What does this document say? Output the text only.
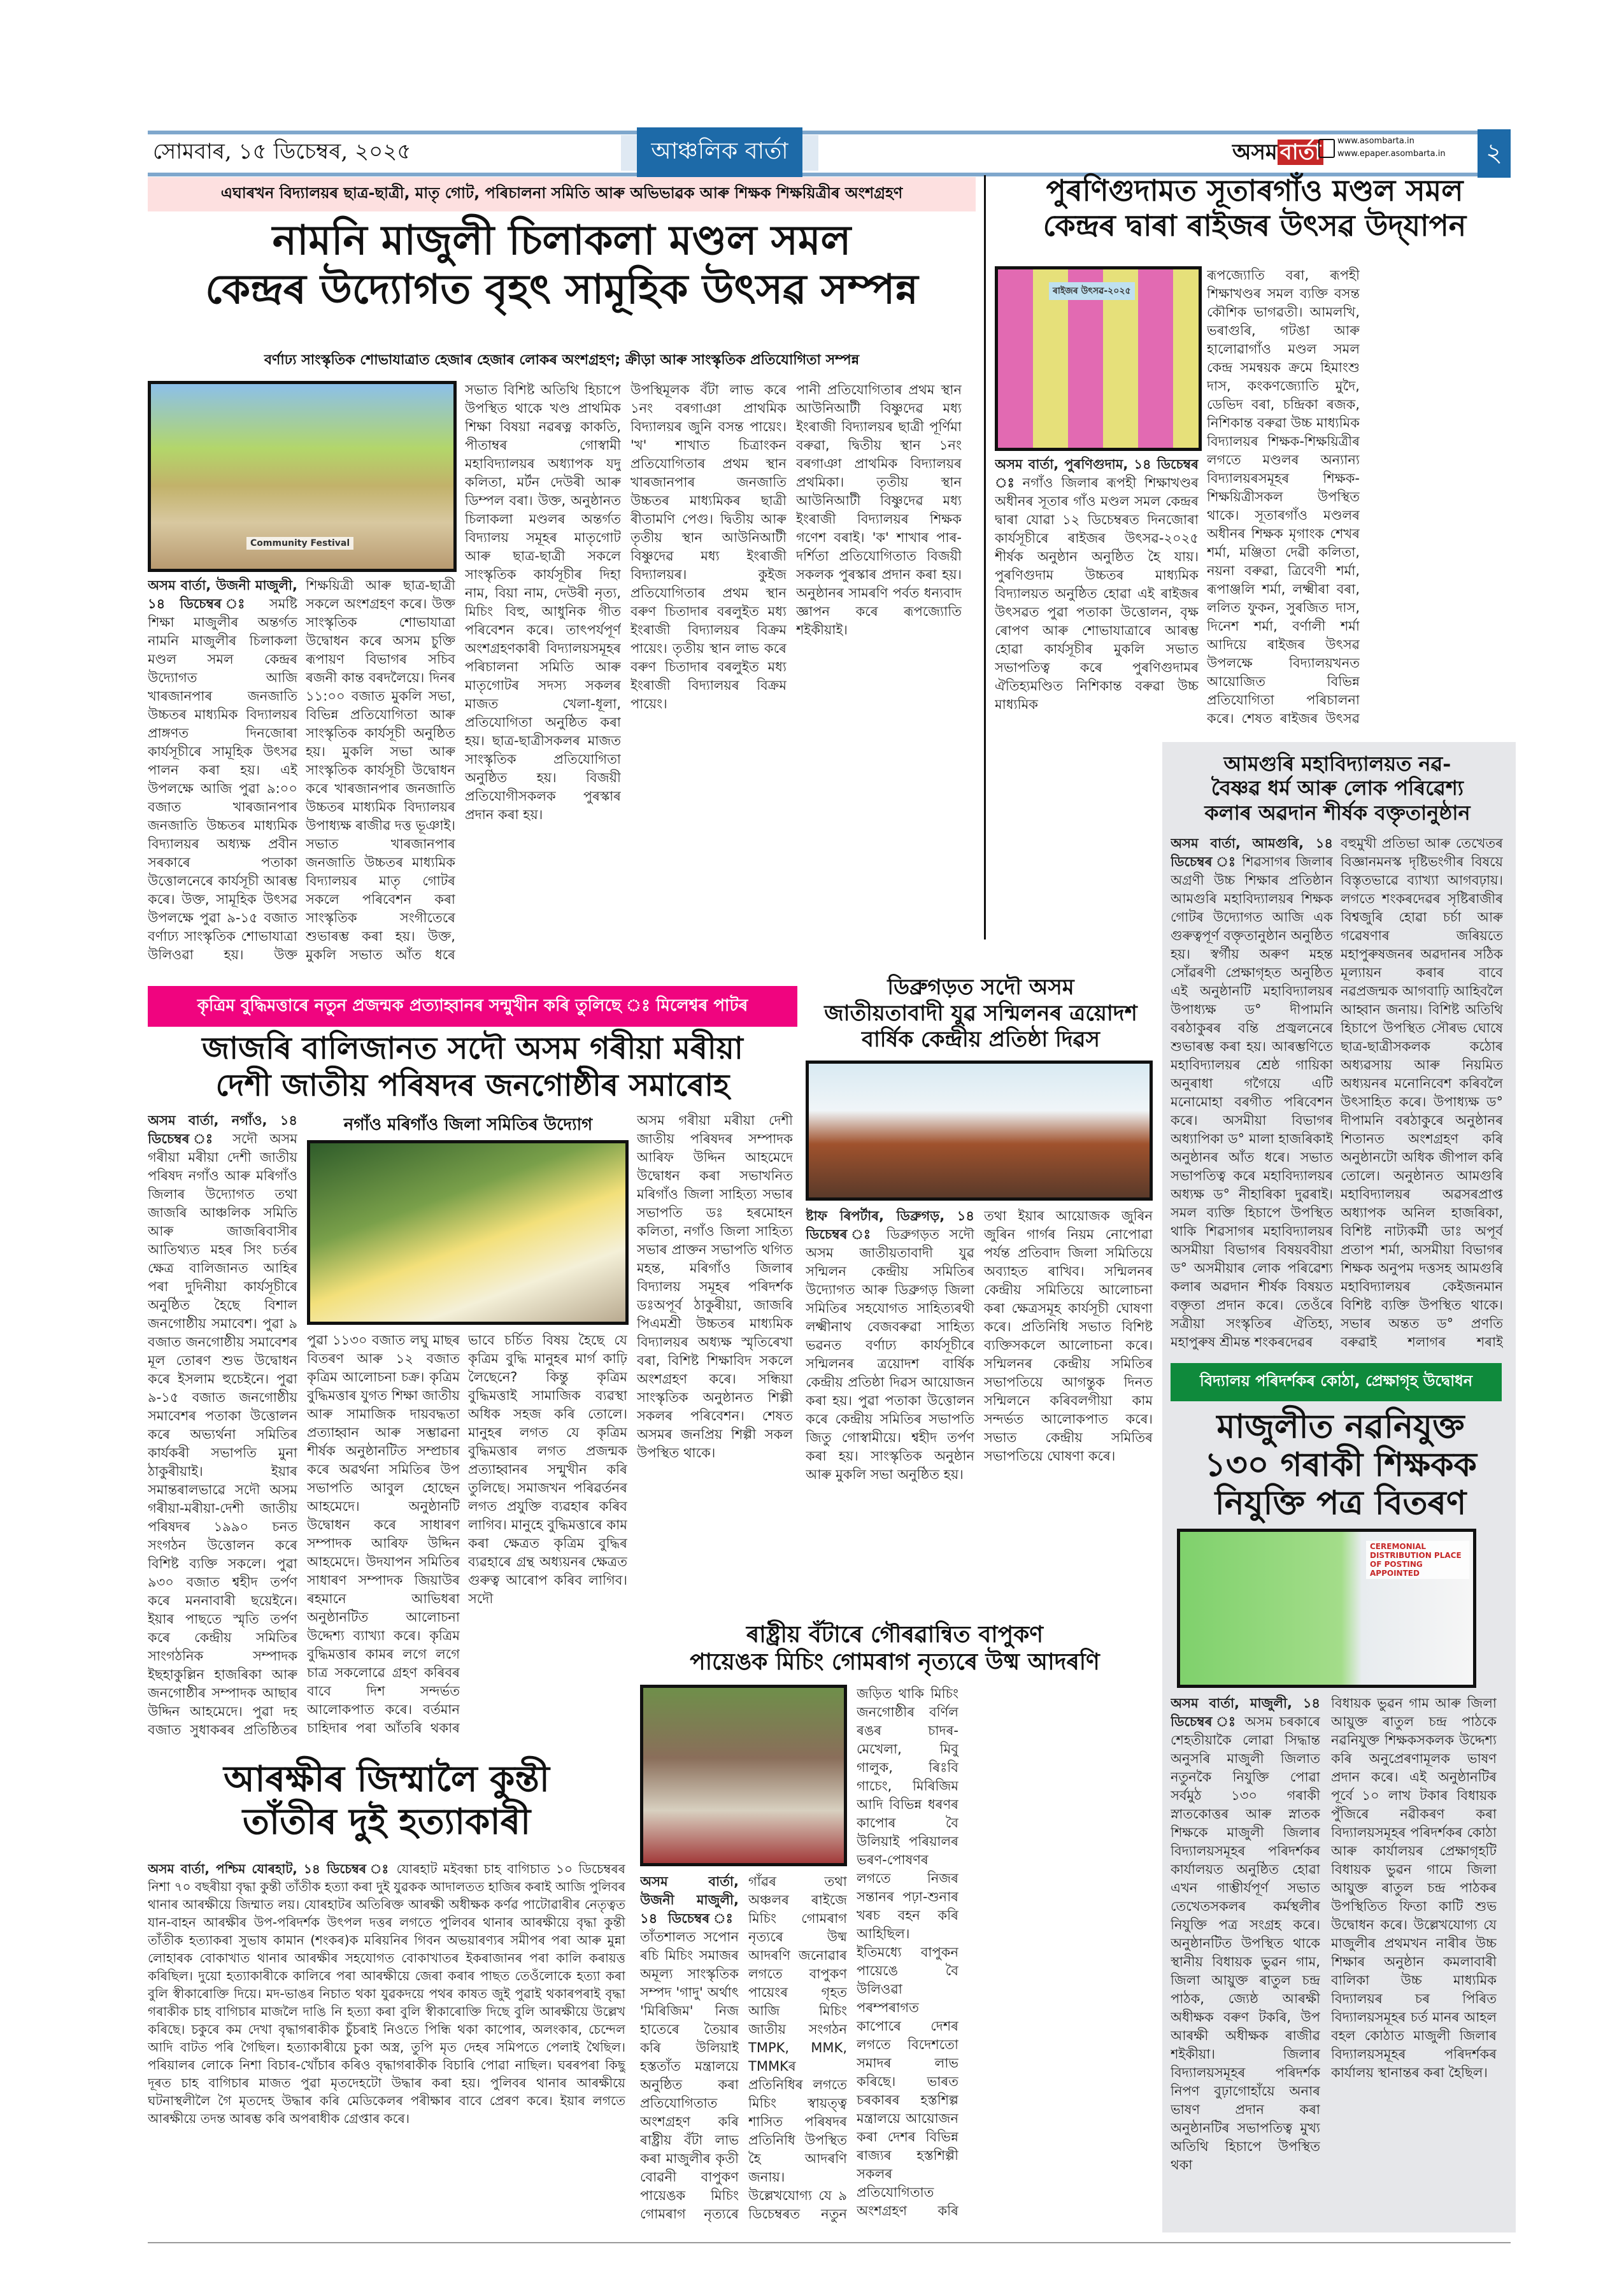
সোমবাৰ, ১৫ ডিচেম্বৰ, ২০২৫	আঞ্চলিক বাৰ্তা	অসম বাৰ্তা	www.asombarta.in
www.epaper.asombarta.in	২
এঘাৰখন বিদ্যালয়ৰ ছাত্ৰ-ছাত্ৰী, মাতৃ গোট, পৰিচালনা সমিতি আৰু অভিভাৱক আৰু শিক্ষক শিক্ষয়িত্ৰীৰ অংশগ্ৰহণ
নামনি মাজুলী চিলাকলা মণ্ডল সমল
কেন্দ্ৰৰ উদ্যোগত বৃহৎ সামূহিক উৎসৱ সম্পন্ন
বৰ্ণাঢ্য সাংস্কৃতিক শোভাযাত্ৰাত হেজাৰ হেজাৰ লোকৰ অংশগ্ৰহণ; ক্ৰীড়া আৰু সাংস্কৃতিক প্ৰতিযোগিতা সম্পন্ন
Community Festival
অসম বাৰ্তা, উজনী মাজুলী, ১৪ ডিচেম্বৰ ঃ সমষ্টি শিক্ষা মাজুলীৰ অন্তৰ্গত নামনি মাজুলীৰ চিলাকলা মণ্ডল সমল কেন্দ্ৰৰ উদ্যোগত আজি খাৰজানপাৰ জনজাতি উচ্চতৰ মাধ্যমিক বিদ্যালয়ৰ প্ৰাঙ্গণত দিনজোৰা কাৰ্যসূচীৰে সামূহিক উৎসৱ পালন কৰা হয়। এই উপলক্ষে আজি পুৱা ৯:০০ বজাত খাৰজানপাৰ জনজাতি উচ্চতৰ মাধ্যমিক বিদ্যালয়ৰ অধ্যক্ষ প্ৰবীন সৰকাৰে পতাকা উত্তোলনেৰে কাৰ্যসূচী আৰম্ভ কৰে। উক্ত, সামূহিক উৎসৱ উপলক্ষে পুৱা ৯-১৫ বজাত বৰ্ণাঢ্য সাংস্কৃতিক শোভাযাত্ৰা উলিওৱা হয়। উক্ত
শিক্ষয়িত্ৰী আৰু ছাত্ৰ-ছাত্ৰী সকলে অংশগ্ৰহণ কৰে। উক্ত সাংস্কৃতিক শোভাযাত্ৰা উদ্বোধন কৰে অসম চুক্তি ৰূপায়ণ বিভাগৰ সচিব ৰজনী কান্ত বৰদলৈয়ে। দিনৰ ১১:০০ বজাত মুকলি সভা, বিভিন্ন প্ৰতিযোগিতা আৰু সাংস্কৃতিক কাৰ্যসূচী অনুষ্ঠিত হয়। মুকলি সভা আৰু সাংস্কৃতিক কাৰ্যসূচী উদ্বোধন কৰে খাৰজানপাৰ জনজাতি উচ্চতৰ মাধ্যমিক বিদ্যালয়ৰ উপাধ্যক্ষ ৰাজীৱ দত্ত ভূঞাই। সভাত খাৰজানপাৰ জনজাতি উচ্চতৰ মাধ্যমিক বিদ্যালয়ৰ মাতৃ গোটৰ সকলে পৰিবেশন কৰা সাংস্কৃতিক সংগীতেৰে শুভাৰম্ভ কৰা হয়। উক্ত, মুকলি সভাত আঁত ধৰে
সভাত বিশিষ্ট অতিথি হিচাপে উপস্থিত থাকে খণ্ড প্ৰাথমিক শিক্ষা বিষয়া নৱৰত্ন কাকতি, পীতাম্বৰ গোস্বামী মহাবিদ্যালয়ৰ অধ্যাপক যদু কলিতা, মৰ্টন দেউৰী আৰু ডিম্পল বৰা। উক্ত, অনুষ্ঠানত চিলাকলা মণ্ডলৰ অন্তৰ্গত বিদ্যালয় সমূহৰ মাতৃগোট আৰু ছাত্ৰ-ছাত্ৰী সকলে সাংস্কৃতিক কাৰ্যসূচীৰ দিহা নাম, বিয়া নাম, দেউৰী নৃত্য, মিচিং বিহু, আধুনিক গীত পৰিবেশন কৰে। তাৎপৰ্যপূৰ্ণ অংশগ্ৰহণকাৰী বিদ্যালয়সমূহৰ পৰিচালনা সমিতি আৰু মাতৃগোটৰ সদস্য সকলৰ মাজত খেলা-ধূলা, প্ৰতিযোগিতা অনুষ্ঠিত কৰা হয়। ছাত্ৰ-ছাত্ৰীসকলৰ মাজত সাংস্কৃতিক প্ৰতিযোগিতা অনুষ্ঠিত হয়। বিজয়ী প্ৰতিযোগীসকলক পুৰস্কাৰ প্ৰদান কৰা হয়।
উপস্থিমূলক বঁটা লাভ কৰে ১নং বৰগাঞা প্ৰাথমিক বিদ্যালয়ৰ জুনি বসন্ত পায়েং। 'খ' শাখাত চিত্ৰাংকন প্ৰতিযোগিতাৰ প্ৰথম স্থান খাৰজানপাৰ জনজাতি উচ্চতৰ মাধ্যমিকৰ ছাত্ৰী ৰীতামণি পেগু। দ্বিতীয় আৰু তৃতীয় স্থান আউনিআটী বিষ্ণুদেৱ মধ্য ইংৰাজী বিদ্যালয়ৰ। কুইজ প্ৰতিযোগিতাৰ প্ৰথম স্থান বৰুণ চিতাদাৰ বৰলুইত মধ্য ইংৰাজী বিদ্যালয়ৰ বিক্ৰম পায়েং। তৃতীয় স্থান লাভ কৰে বৰুণ চিতাদাৰ বৰলুইত মধ্য ইংৰাজী বিদ্যালয়ৰ বিক্ৰম পায়েং।
পানী প্ৰতিযোগিতাৰ প্ৰথম স্থান আউনিআটী বিষ্ণুদেৱ মধ্য ইংৰাজী বিদ্যালয়ৰ ছাত্ৰী পূৰ্ণিমা বৰুৱা, দ্বিতীয় স্থান ১নং বৰগাঞা প্ৰাথমিক বিদ্যালয়ৰ প্ৰথমিকা। তৃতীয় স্থান আউনিআটী বিষ্ণুদেৱ মধ্য ইংৰাজী বিদ্যালয়ৰ শিক্ষক গণেশ বৰাই। 'ক' শাখাৰ পাৰ-দৰ্শিতা প্ৰতিযোগিতাত বিজয়ী সকলক পুৰস্কাৰ প্ৰদান কৰা হয়। অনুষ্ঠানৰ সামৰণি পৰ্বত ধন্যবাদ জ্ঞাপন কৰে ৰূপজ্যোতি শইকীয়াই।
পুৰণিগুদামত সূতাৰগাঁও মণ্ডল সমল
কেন্দ্ৰৰ দ্বাৰা ৰাইজৰ উৎসৱ উদ্‌যাপন
ৰাইজৰ উৎসৱ-২০২৫
অসম বাৰ্তা, পুৰণিগুদাম, ১৪ ডিচেম্বৰ ঃ নগাঁও জিলাৰ ৰূপহী শিক্ষাখণ্ডৰ অধীনৰ সূতাৰ গাঁও মণ্ডল সমল কেন্দ্ৰৰ দ্বাৰা যোৱা ১২ ডিচেম্বৰত দিনজোৰা কাৰ্যসূচীৰে ৰাইজৰ উৎসৱ-২০২৫ শীৰ্ষক অনুষ্ঠান অনুষ্ঠিত হৈ যায়। পুৰণিগুদাম উচ্চতৰ মাধ্যমিক বিদ্যালয়ত অনুষ্ঠিত হোৱা এই ৰাইজৰ উৎসৱত পুৱা পতাকা উত্তোলন, বৃক্ষ ৰোপণ আৰু শোভাযাত্ৰাৰে আৰম্ভ হোৱা কাৰ্যসূচীৰ মুকলি সভাত সভাপতিত্ব কৰে পুৰণিগুদামৰ ঐতিহ্যমণ্ডিত নিশিকান্ত বৰুৱা উচ্চ মাধ্যমিক
ৰূপজ্যোতি বৰা, ৰূপহী শিক্ষাখণ্ডৰ সমল ব্যক্তি বসন্ত কৌশিক ভাগৱতী। আমলখি, ভৰাগুৰি, গটঙা আৰু হালোৱাগাঁও মণ্ডল সমল কেন্দ্ৰ সমন্বয়ক ক্ৰমে হিমাংশু দাস, কংকণজ্যোতি মুদৈ, ডেভিদ বৰা, চন্দ্ৰিকা ৰজক, নিশিকান্ত বৰুৱা উচ্চ মাধ্যমিক বিদ্যালয়ৰ শিক্ষক-শিক্ষয়িত্ৰীৰ লগতে মণ্ডলৰ অন্যান্য বিদ্যালয়ৰসমূহৰ শিক্ষক-শিক্ষয়িত্ৰীসকল উপস্থিত থাকে। সূতাৰগাঁও মণ্ডলৰ অধীনৰ শিক্ষক মৃগাংক শেখৰ শৰ্মা, মঞ্জিতা দেৱী কলিতা, নয়না বৰুৱা, ত্ৰিবেণী শৰ্মা, ৰূপাঞ্জলি শৰ্মা, লক্ষ্মীৰা বৰা, ললিত ফুকন, সুৰজিত দাস, দিনেশ শৰ্মা, বৰ্ণালী শৰ্মা আদিয়ে ৰাইজৰ উৎসৱ উপলক্ষে বিদ্যালয়খনত আয়োজিত বিভিন্ন প্ৰতিযোগিতা পৰিচালনা কৰে। শেষত ৰাইজৰ উৎসৱ
আমগুৰি মহাবিদ্যালয়ত নৱ-
বৈষ্ণৱ ধৰ্ম আৰু লোক পৰিৱেশ্য
কলাৰ অৱদান শীৰ্ষক বক্তৃতানুষ্ঠান
অসম বাৰ্তা, আমগুৰি, ১৪ ডিচেম্বৰ ঃ শিৱসাগৰ জিলাৰ অগ্ৰণী উচ্চ শিক্ষাৰ প্ৰতিষ্ঠান আমগুৰি মহাবিদ্যালয়ৰ শিক্ষক গোটৰ উদ্যোগত আজি এক গুৰুত্বপূৰ্ণ বক্তৃতানুষ্ঠান অনুষ্ঠিত হয়। স্বৰ্গীয় অৰুণ মহন্ত সোঁৱৰণী প্ৰেক্ষাগৃহত অনুষ্ঠিত এই অনুষ্ঠানটি মহাবিদ্যালয়ৰ উপাধ্যক্ষ ড° দীপামনি বৰঠাকুৰৰ বন্তি প্ৰজ্বলনেৰে শুভাৰম্ভ কৰা হয়। আৰম্ভণিতে মহাবিদ্যালয়ৰ শ্ৰেষ্ঠ গায়িকা অনুৰাধা গগৈয়ে এটি মনোমোহা বৰগীত পৰিবেশন কৰে। অসমীয়া বিভাগৰ অধ্যাপিকা ড° মালা হাজৰিকাই অনুষ্ঠানৰ আঁত ধৰে। সভাত সভাপতিত্ব কৰে মহাবিদ্যালয়ৰ অধ্যক্ষ ড° নীহাৰিকা দুৱৰাই। সমল ব্যক্তি হিচাপে উপস্থিত থাকি শিৱসাগৰ মহাবিদ্যালয়ৰ অসমীয়া বিভাগৰ বিষয়ববীয়া ড° অসমীয়াৰ লোক পৰিৱেশ্য কলাৰ অৱদান শীৰ্ষক বিষয়ত বক্তৃতা প্ৰদান কৰে। তেওঁৰে সত্ৰীয়া সংস্কৃতিৰ ঐতিহ্য, মহাপুৰুষ শ্ৰীমন্ত শংকৰদেৱৰ
বহুমুখী প্ৰতিভা আৰু তেখেতৰ বিজ্ঞানমনস্ক দৃষ্টিভংগীৰ বিষয়ে বিস্তৃতভাৱে ব্যাখ্যা আগবঢ়ায়। লগতে শংকৰদেৱৰ সৃষ্টিৰাজীৰ বিশ্বজুৰি হোৱা চৰ্চা আৰু গৱেষণাৰ জৰিয়তে মহাপুৰুষজনৰ অৱদানৰ সঠিক মূল্যায়ন কৰাৰ বাবে নৱপ্ৰজন্মক আগবাঢ়ি আহিবলৈ আহ্বান জনায়। বিশিষ্ট অতিথি হিচাপে উপস্থিত সৌৰভ ঘোষে ছাত্ৰ-ছাত্ৰীসকলক কঠোৰ অধ্যৱসায় আৰু নিয়মিত অধ্যয়নৰ মনোনিবেশ কৰিবলৈ উৎসাহিত কৰে। উপাধ্যক্ষ ড° দীপামনি বৰঠাকুৰে অনুষ্ঠানৰ শিতানত অংশগ্ৰহণ কৰি অনুষ্ঠানটো অধিক জীপাল কৰি তোলে। অনুষ্ঠানত আমগুৰি মহাবিদ্যালয়ৰ অৱসৰপ্ৰাপ্ত অধ্যাপক অনিল হাজৰিকা, বিশিষ্ট নাট্যকৰ্মী ডাঃ অপূৰ্ব প্ৰতাপ শৰ্মা, অসমীয়া বিভাগৰ শিক্ষক অনুপম দত্তসহ আমগুৰি মহাবিদ্যালয়ৰ কেইজনমান বিশিষ্ট ব্যক্তি উপস্থিত থাকে। সভাৰ অন্তত ড° প্ৰণতি বৰুৱাই শলাগৰ শৰাই
ডিব্ৰুগড়ত সদৌ অসম
জাতীয়তাবাদী যুৱ সন্মিলনৰ ত্ৰয়োদশ
বাৰ্ষিক কেন্দ্ৰীয় প্ৰতিষ্ঠা দিৱস
ষ্টাফ ৰিপৰ্টাৰ, ডিব্ৰুগড়, ১৪ ডিচেম্বৰ ঃ ডিব্ৰুগড়ত সদৌ অসম জাতীয়তাবাদী যুৱ সন্মিলন কেন্দ্ৰীয় সমিতিৰ উদ্যোগত আৰু ডিব্ৰুগড় জিলা সমিতিৰ সহযোগত সাহিত্যৰথী লক্ষ্মীনাথ বেজবৰুৱা সাহিত্য ভৱনত বৰ্ণাঢ্য কাৰ্যসূচীৰে সন্মিলনৰ ত্ৰয়োদশ বাৰ্ষিক কেন্দ্ৰীয় প্ৰতিষ্ঠা দিৱস আয়োজন কৰা হয়। পুৱা পতাকা উত্তোলন কৰে কেন্দ্ৰীয় সমিতিৰ সভাপতি জিতু গোস্বামীয়ে। শ্বহীদ তৰ্পণ কৰা হয়। সাংস্কৃতিক অনুষ্ঠান আৰু মুকলি সভা অনুষ্ঠিত হয়।
তথা ইয়াৰ আয়োজক জুৰিন জুৰিন গাৰ্গৰ নিয়ম নোপোৱা পৰ্যন্ত প্ৰতিবাদ জিলা সমিতিয়ে অব্যাহত ৰাখিব। সন্মিলনৰ কেন্দ্ৰীয় সমিতিয়ে আলোচনা কৰা ক্ষেত্ৰসমূহ কাৰ্যসূচী ঘোষণা কৰে। প্ৰতিনিধি সভাত বিশিষ্ট ব্যক্তিসকলে আলোচনা কৰে। সন্মিলনৰ কেন্দ্ৰীয় সমিতিৰ সভাপতিয়ে আগন্তুক দিনত সন্মিলনে কৰিবলগীয়া কাম সন্দৰ্ভত আলোকপাত কৰে। সভাত কেন্দ্ৰীয় সমিতিৰ সভাপতিয়ে ঘোষণা কৰে।
কৃত্ৰিম বুদ্ধিমত্তাৰে নতুন প্ৰজন্মক প্ৰত্যাহ্বানৰ সন্মুখীন কৰি তুলিছে ঃ মিলেশ্বৰ পাটৰ
জাজৰি বালিজানত সদৌ অসম গৰীয়া মৰীয়া
দেশী জাতীয় পৰিষদৰ জনগোষ্ঠীৰ সমাৰোহ
নগাঁও মৰিগাঁও জিলা সমিতিৰ উদ্যোগ
অসম বাৰ্তা, নগাঁও, ১৪ ডিচেম্বৰ ঃ সদৌ অসম গৰীয়া মৰীয়া দেশী জাতীয় পৰিষদ নগাঁও আৰু মৰিগাঁও জিলাৰ উদ্যোগত তথা জাজৰি আঞ্চলিক সমিতি আৰু জাজৰিবাসীৰ আতিথ্যত মহৰ সিং চৰ্তৰ ক্ষেত্ৰ বালিজানত আহিৰ পৰা দুদিনীয়া কাৰ্যসূচীৰে অনুষ্ঠিত হৈছে বিশাল জনগোষ্ঠীয় সমাবেশ। পুৱা ৯ বজাত জনগোষ্ঠীয় সমাবেশৰ মূল তোৰণ শুভ উদ্বোধন কৰে ইসলাম হুচেইনে। পুৱা ৯-১৫ বজাত জনগোষ্ঠীয় সমাবেশৰ পতাকা উত্তোলন কৰে অভ্যৰ্থনা সমিতিৰ কাৰ্যকৰী সভাপতি মুনা ঠাকুৰীয়াই। ইয়াৰ সমান্তৰালভাৱে সদৌ অসম গৰীয়া-মৰীয়া-দেশী জাতীয় পৰিষদৰ ১৯৯০ চনত সংগঠন উত্তোলন কৰে বিশিষ্ট ব্যক্তি সকলে। পুৱা ৯৩০ বজাত শ্বহীদ তৰ্পণ কৰে মননাবাৰী ছয়েইনে। ইয়াৰ পাছতে স্মৃতি তৰ্পণ কৰে কেন্দ্ৰীয় সমিতিৰ সাংগঠনিক সম্পাদক ইছহাকুল্লিন হাজৰিকা আৰু জনগোষ্ঠীৰ সম্পাদক আছাৰ উদ্দিন আহমেদে। পুৱা দহ বজাত সুধাকৰৰ প্ৰতিষ্ঠিতৰ
পুৱা ১১৩০ বজাত লঘু মাছৰ বিতৰণ আৰু ১২ বজাত কৃত্ৰিম আলোচনা চক্ৰ। কৃত্ৰিম বুদ্ধিমত্তাৰ যুগত শিক্ষা জাতীয় আৰু সামাজিক দায়বদ্ধতা প্ৰত্যাহ্বান আৰু সম্ভাৱনা শীৰ্ষক অনুষ্ঠানটিত সম্প্ৰচাৰ কৰে অৱৰ্থনা সমিতিৰ উপ সভাপতি আবুল হোছেন আহমেদে। অনুষ্ঠানটি উদ্বোধন কৰে সাধাৰণ সম্পাদক আৰিফ উদ্দিন আহমেদে। উদযাপন সমিতিৰ সাধাৰণ সম্পাদক জিয়াউৰ ৰহমানে আভিধৰা অনুষ্ঠানটিত আলোচনা উদ্দেশ্য ব্যাখ্যা কৰে। কৃত্ৰিম বুদ্ধিমত্তাৰ কামৰ লগে লগে চাত্ৰ সকলোৱে গ্ৰহণ কৰিবৰ বাবে দিশ সন্দৰ্ভত আলোকপাত কৰে। বৰ্তমান চাহিদাৰ পৰা আঁতৰি থকাৰ
ভাবে চৰ্চিত বিষয় হৈছে যে কৃত্ৰিম বুদ্ধি মানুহৰ মাৰ্গ কাঢ়ি লৈছেনে? কিন্তু কৃত্ৰিম বুদ্ধিমত্তাই সামাজিক ব্যৱস্থা অধিক সহজ কৰি তোলে। মানুহৰ লগত যে কৃত্ৰিম বুদ্ধিমত্তাৰ লগত প্ৰজন্মক প্ৰত্যাহ্বানৰ সন্মুখীন কৰি তুলিছে। সমাজখন পৰিৱৰ্তনৰ লগত প্ৰযুক্তি ব্যৱহাৰ কৰিব লাগিব। মানুহে বুদ্ধিমত্তাৰে কাম কৰা ক্ষেত্ৰত কৃত্ৰিম বুদ্ধিৰ ব্যৱহাৰে গ্ৰন্থ অধ্যয়নৰ ক্ষেত্ৰত গুৰুত্ব আৰোপ কৰিব লাগিব। সদৌ
অসম গৰীয়া মৰীয়া দেশী জাতীয় পৰিষদৰ সম্পাদক আৰিফ উদ্দিন আহমেদে উদ্বোধন কৰা সভাখনিত মৰিগাঁও জিলা সাহিত্য সভাৰ সভাপতি ডঃ হৰমোহন কলিতা, নগাঁও জিলা সাহিত্য সভাৰ প্ৰাক্তন সভাপতি থগিত মহন্ত, মৰিগাঁও জিলাৰ বিদ্যালয় সমূহৰ পৰিদৰ্শক ডঃঅপূৰ্ব ঠাকুৰীয়া, জাজৰি পিএমশ্ৰী উচ্চতৰ মাধ্যমিক বিদ্যালয়ৰ অধ্যক্ষ স্মৃতিৰেখা বৰা, বিশিষ্ট শিক্ষাবিদ সকলে অংশগ্ৰহণ কৰে। সন্ধিয়া সাংস্কৃতিক অনুষ্ঠানত শিল্পী সকলৰ পৰিবেশন। শেষত অসমৰ জনপ্ৰিয় শিল্পী সকল উপস্থিত থাকে।
বিদ্যালয় পৰিদৰ্শকৰ কোঠা, প্ৰেক্ষাগৃহ উদ্বোধন
মাজুলীত নৱনিযুক্ত
১৩০ গৰাকী শিক্ষকক
নিযুক্তি পত্ৰ বিতৰণ
CEREMONIAL DISTRIBUTION PLACE OF POSTING APPOINTED
অসম বাৰ্তা, মাজুলী, ১৪ ডিচেম্বৰ ঃ অসম চৰকাৰে শেহতীয়াকৈ লোৱা সিদ্ধান্ত অনুসৰি মাজুলী জিলাত নতুনকৈ নিযুক্তি পোৱা সৰ্বমুঠ ১৩০ গৰাকী স্নাতকোত্তৰ আৰু স্নাতক শিক্ষকে মাজুলী জিলাৰ বিদ্যালয়সমূহৰ পৰিদৰ্শকৰ কাৰ্যালয়ত অনুষ্ঠিত হোৱা এখন গাম্ভীৰ্যপূৰ্ণ সভাত তেখেতসকলৰ কৰ্মস্থলীৰ নিযুক্তি পত্ৰ সংগ্ৰহ কৰে। অনুষ্ঠানটিত উপস্থিত থাকে স্থানীয় বিধায়ক ভুৱন গাম, জিলা আয়ুক্ত ৰাতুল চন্দ্ৰ পাঠক, জ্যেষ্ঠ আৰক্ষী অধীক্ষক বৰুণ টকৰি, উপ আৰক্ষী অধীক্ষক ৰাজীৱ শইকীয়া। জিলাৰ বিদ্যালয়সমূহৰ পৰিদৰ্শক নিপণ বুঢ়াগোহাঁয়ে অনাৰ ভাষণ প্ৰদান কৰা অনুষ্ঠানটিৰ সভাপতিত্ব মুখ্য অতিথি হিচাপে উপস্থিত থকা
বিধায়ক ভুৱন গাম আৰু জিলা আয়ুক্ত ৰাতুল চন্দ্ৰ পাঠকে নৱনিযুক্ত শিক্ষকসকলক উদ্দেশ্য কৰি অনুপ্ৰেৰণামূলক ভাষণ প্ৰদান কৰে। এই অনুষ্ঠানটিৰ পূৰ্বে ১০ লাখ টকাৰ বিধায়ক পুঁজিৰে নৱীকৰণ কৰা বিদ্যালয়সমূহৰ পৰিদৰ্শকৰ কোঠা আৰু কাৰ্যালয়ৰ প্ৰেক্ষাগৃহটি বিধায়ক ভুৱন গামে জিলা আয়ুক্ত ৰাতুল চন্দ্ৰ পাঠকৰ উপস্থিতিত ফিতা কাটি শুভ উদ্বোধন কৰে। উল্লেখযোগ্য যে মাজুলীৰ প্ৰথমখন নাৰীৰ উচ্চ শিক্ষাৰ অনুষ্ঠান কমলাবাৰী বালিকা উচ্চ মাধ্যমিক বিদ্যালয়ৰ চৰ পিৰিত বিদ্যালয়সমূহৰ চৰ্ত মানৰ আহল বহল কোঠাত মাজুলী জিলাৰ বিদ্যালয়সমূহৰ পৰিদৰ্শকৰ কাৰ্যালয় স্থানান্তৰ কৰা হৈছিল।
ৰাষ্ট্ৰীয় বঁটাৰে গৌৰৱান্বিত বাপুকণ
পায়েঙক মিচিং গোমৰাগ নৃত্যৰে উষ্ম আদৰণি
অসম বাৰ্তা, উজনী মাজুলী, ১৪ ডিচেম্বৰ ঃ তাঁতশালত সপোন ৰচি মিচিং সমাজৰ অমূল্য সাংস্কৃতিক সম্পদ 'গাদু' অৰ্থাৎ 'মিৰিজিম' নিজ হাতেৰে তৈয়াৰ কৰি উলিয়াই হস্ততাঁত মন্ত্ৰালয়ে অনুষ্ঠিত কৰা প্ৰতিযোগিতাত অংশগ্ৰহণ কৰি ৰাষ্ট্ৰীয় বঁটা লাভ কৰা মাজুলীৰ কৃতী বোৱনী বাপুকণ পায়েঙক মিচিং গোমৰাগ নৃত্যৰে
গাঁৱৰ তথা অঞ্চলৰ ৰাইজে মিচিং গোমৰাগ নৃত্যৰে উষ্ম আদৰণি জনোৱাৰ লগতে বাপুকণ পায়েংৰ গৃহত আজি মিচিং জাতীয় সংগঠন TMPK, MMK, TMMKৰ প্ৰতিনিধিৰ লগতে মিচিং স্বায়ত্ত্ব শাসিত পৰিষদৰ প্ৰতিনিধি উপস্থিত হৈ আদৰণি জনায়। উল্লেখযোগ্য যে ৯ ডিচেম্বৰত নতুন
জড়িত থাকি মিচিং জনগোষ্ঠীৰ বৰ্ণিল ৰঙৰ চাদৰ-মেখেলা, মিবু গালুক, ৰিঃবি গাচেং, মিৰিজিম আদি বিভিন্ন ধৰণৰ কাপোৰ বৈ উলিয়াই পৰিয়ালৰ ভৰণ-পোষণৰ লগতে নিজৰ সন্তানৰ পঢ়া-শুনাৰ খৰচ বহন কৰি আহিছিল। ইতিমধ্যে বাপুকন পায়েঙে বৈ উলিওৱা পৰম্পৰাগত কাপোৰে দেশৰ লগতে বিদেশতো সমাদৰ লাভ কৰিছে। ভাৰত চৰকাৰৰ হস্তশিল্প মন্ত্ৰালয়ে আয়োজন কৰা দেশৰ বিভিন্ন ৰাজ্যৰ হস্তশিল্পী সকলৰ প্ৰতিযোগিতাত অংশগ্ৰহণ কৰি
আৰক্ষীৰ জিম্মালৈ কুন্তী
তাঁতীৰ দুই হত্যাকাৰী
অসম বাৰ্তা, পশ্চিম যোৰহাট, ১৪ ডিচেম্বৰ ঃ যোৰহাট মইবন্ধা চাহ বাগিচাত ১০ ডিচেম্বৰৰ নিশা ৭০ বছৰীয়া বৃদ্ধা কুন্তী তাঁতীক হত্যা কৰা দুই যুৱকক আদালতত হাজিৰ কৰাই আজি পুলিবৰ থানাৰ আৰক্ষীয়ে জিম্মাত লয়। যোৰহাটৰ অতিৰিক্ত আৰক্ষী অধীক্ষক কৰ্ণৱ পাটোৱাৰীৰ নেতৃত্বত যান-বাহন আৰক্ষীৰ উপ-পৰিদৰ্শক উৎপল দত্তৰ লগতে পুলিবৰ থানাৰ আৰক্ষীয়ে বৃদ্ধা কুন্তী তাঁতীক হত্যাকৰা সুভাষ কামান (শংকৰ)ক মৰিয়নিৰ গিবন অভয়াৰণ্যৰ সমীপৰ পৰা আৰু মুন্না লোহাৰক বোকাখাত থানাৰ আৰক্ষীৰ সহযোগত বোকাখাতৰ ইকৰাজানৰ পৰা কালি কৰায়ত্ত কৰিছিল। দুয়ো হত্যাকাৰীকে কালিৰে পৰা আৰক্ষীয়ে জেৰা কৰাৰ পাছত তেওঁলোকে হত্যা কৰা বুলি স্বীকাৰোক্তি দিয়ে। মদ-ভাঙৰ নিচাত থকা যুৱকদয়ে পথৰ কাষত জুই পুৱাই থকাৰপৰাই বৃদ্ধা গৰাকীক চাহ বাগিচাৰ মাজলৈ দাঙি নি হত্যা কৰা বুলি স্বীকাৰোক্তি দিছে বুলি আৰক্ষীয়ে উল্লেখ কৰিছে। চকুৰে কম দেখা বৃদ্ধাগৰাকীক চুঁচৰাই নিওতে পিন্ধি থকা কাপোৰ, অলংকাৰ, চেন্দেল আদি বাটত পৰি গৈছিল। হত্যাকাৰীয়ে চুকা অস্ত্ৰ, তুপি মৃত দেহৰ সমিপতে পেলাই থৈছিল। পৰিয়ালৰ লোকে নিশা বিচাৰ-খোঁচাৰ কৰিও বৃদ্ধাগৰাকীক বিচাৰি পোৱা নাছিল। ঘৰৰপৰা কিছু দূৰত চাহ বাগিচাৰ মাজত পুৱা মৃতদেহটো উদ্ধাৰ কৰা হয়। পুলিবৰ থানাৰ আৰক্ষীয়ে ঘটনাস্থলীলৈ গৈ মৃতদেহ উদ্ধাৰ কৰি মেডিকেলৰ পৰীক্ষাৰ বাবে প্ৰেৰণ কৰে। ইয়াৰ লগতে আৰক্ষীয়ে তদন্ত আৰম্ভ কৰি অপৰাধীক গ্ৰেপ্তাৰ কৰে।
